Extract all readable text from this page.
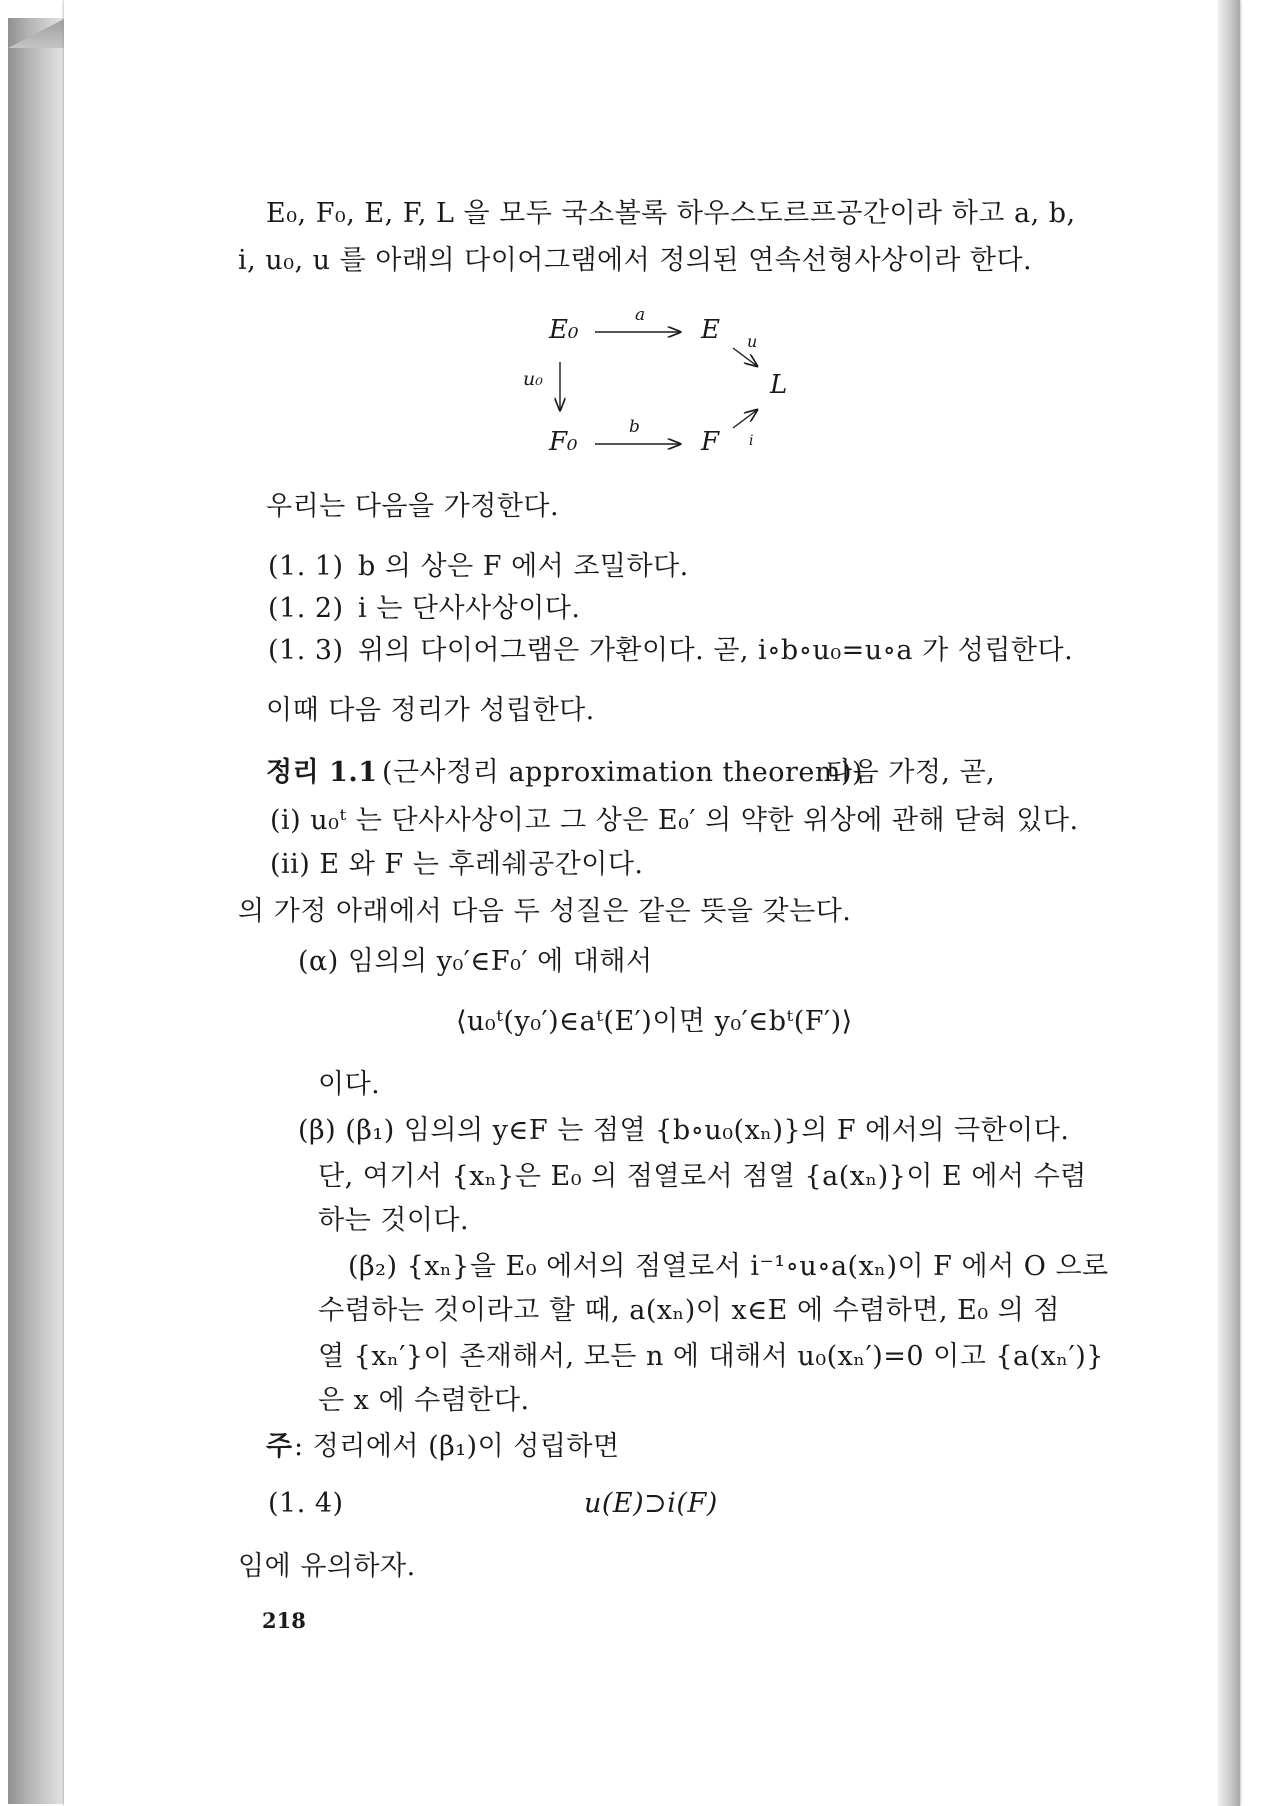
E₀, F₀, E, F, L 을 모두 국소볼록 하우스도르프공간이라 하고 a, b,
i, u₀, u 를 아래의 다이어그램에서 정의된 연속선형사상이라 한다.
E₀	E
L
F₀	F
a
b
u₀
u
i
우리는 다음을 가정한다.
(1. 1) b 의 상은 F 에서 조밀하다.
(1. 2) i 는 단사사상이다.
(1. 3) 위의 다이어그램은 가환이다. 곧, i∘b∘u₀=u∘a 가 성립한다.
이때 다음 정리가 성립한다.
정리 1.1 (근사정리 approximation theorem))
다음 가정, 곧,
(i) u₀ᵗ 는 단사사상이고 그 상은 E₀′ 의 약한 위상에 관해 닫혀 있다.
(ii) E 와 F 는 후레쉐공간이다.
의 가정 아래에서 다음 두 성질은 같은 뜻을 갖는다.
(α) 임의의 y₀′∈F₀′ 에 대해서
⟨u₀ᵗ(y₀′)∈aᵗ(E′)이면 y₀′∈bᵗ(F′)⟩
이다.
(β) (β₁) 임의의 y∈F 는 점열 {b∘u₀(xₙ)}의 F 에서의 극한이다.
단, 여기서 {xₙ}은 E₀ 의 점열로서 점열 {a(xₙ)}이 E 에서 수렴
하는 것이다.
(β₂) {xₙ}을 E₀ 에서의 점열로서 i⁻¹∘u∘a(xₙ)이 F 에서 O 으로
수렴하는 것이라고 할 때, a(xₙ)이 x∈E 에 수렴하면, E₀ 의 점
열 {xₙ′}이 존재해서, 모든 n 에 대해서 u₀(xₙ′)=0 이고 {a(xₙ′)}
은 x 에 수렴한다.
주 : 정리에서 (β₁)이 성립하면
(1. 4)	u(E)⊃i(F)
임에 유의하자.
218
